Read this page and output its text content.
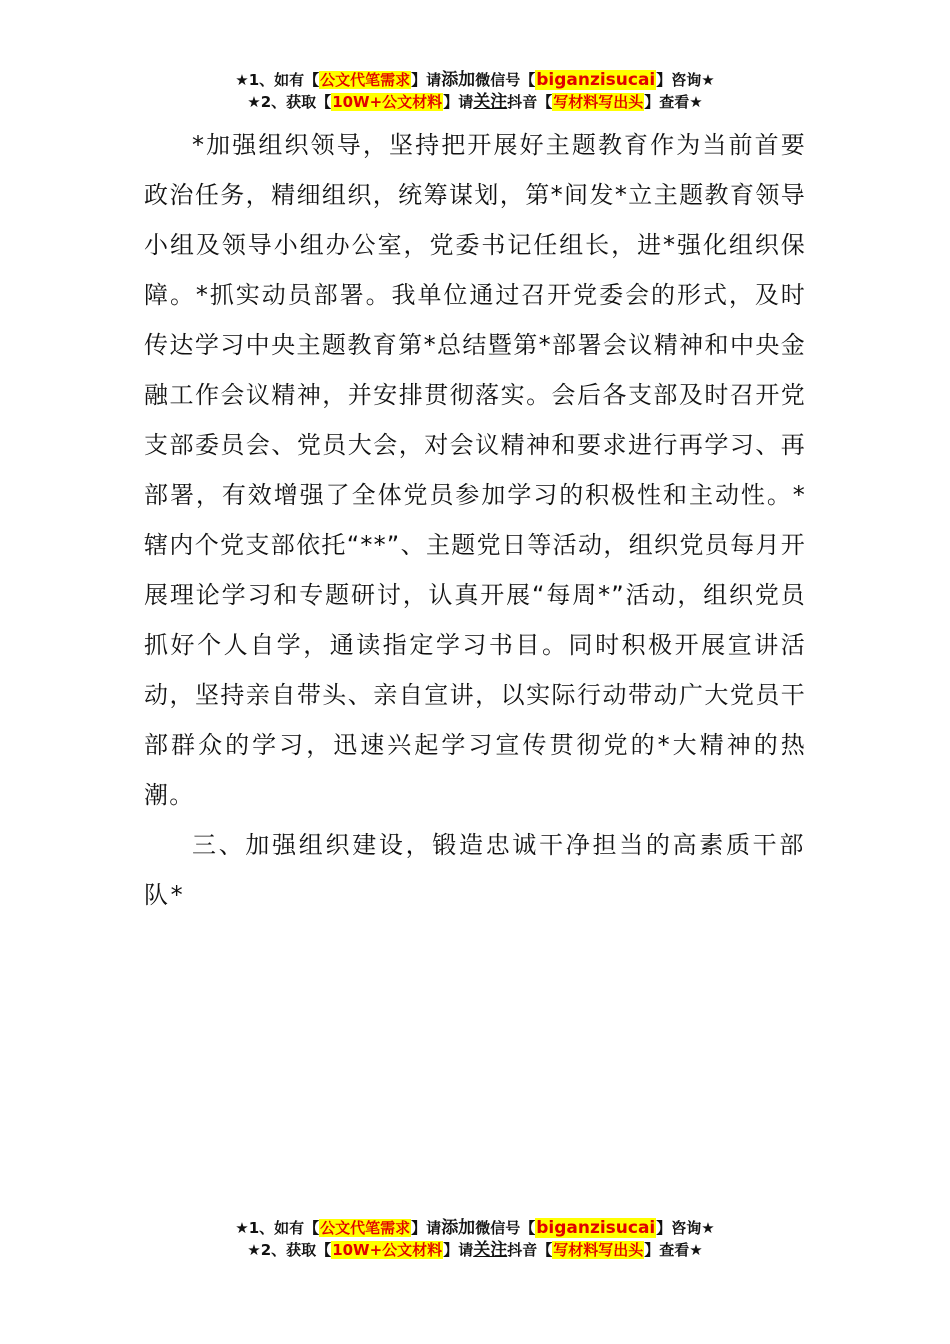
★1、如有【公文代笔需求】请添加微信号【biganzisucai】咨询★
★2、获取【10W+公文材料】请关注抖音【写材料写出头】查看★

*加强组织领导，坚持把开展好主题教育作为当前首要政治任务，精细组织，统筹谋划，第*间发*立主题教育领导小组及领导小组办公室，党委书记任组长，进*强化组织保障。*抓实动员部署。我单位通过召开党委会的形式，及时传达学习中央主题教育第*总结暨第*部署会议精神和中央金融工作会议精神，并安排贯彻落实。会后各支部及时召开党支部委员会、党员大会，对会议精神和要求进行再学习、再部署，有效增强了全体党员参加学习的积极性和主动性。*辖内个党支部依托“**”、主题党日等活动，组织党员每月开展理论学习和专题研讨，认真开展“每周*”活动，组织党员抓好个人自学，通读指定学习书目。同时积极开展宣讲活动，坚持亲自带头、亲自宣讲，以实际行动带动广大党员干部群众的学习，迅速兴起学习宣传贯彻党的*大精神的热潮。

三、加强组织建设，锻造忠诚干净担当的高素质干部队*

★1、如有【公文代笔需求】请添加微信号【biganzisucai】咨询★
★2、获取【10W+公文材料】请关注抖音【写材料写出头】查看★
